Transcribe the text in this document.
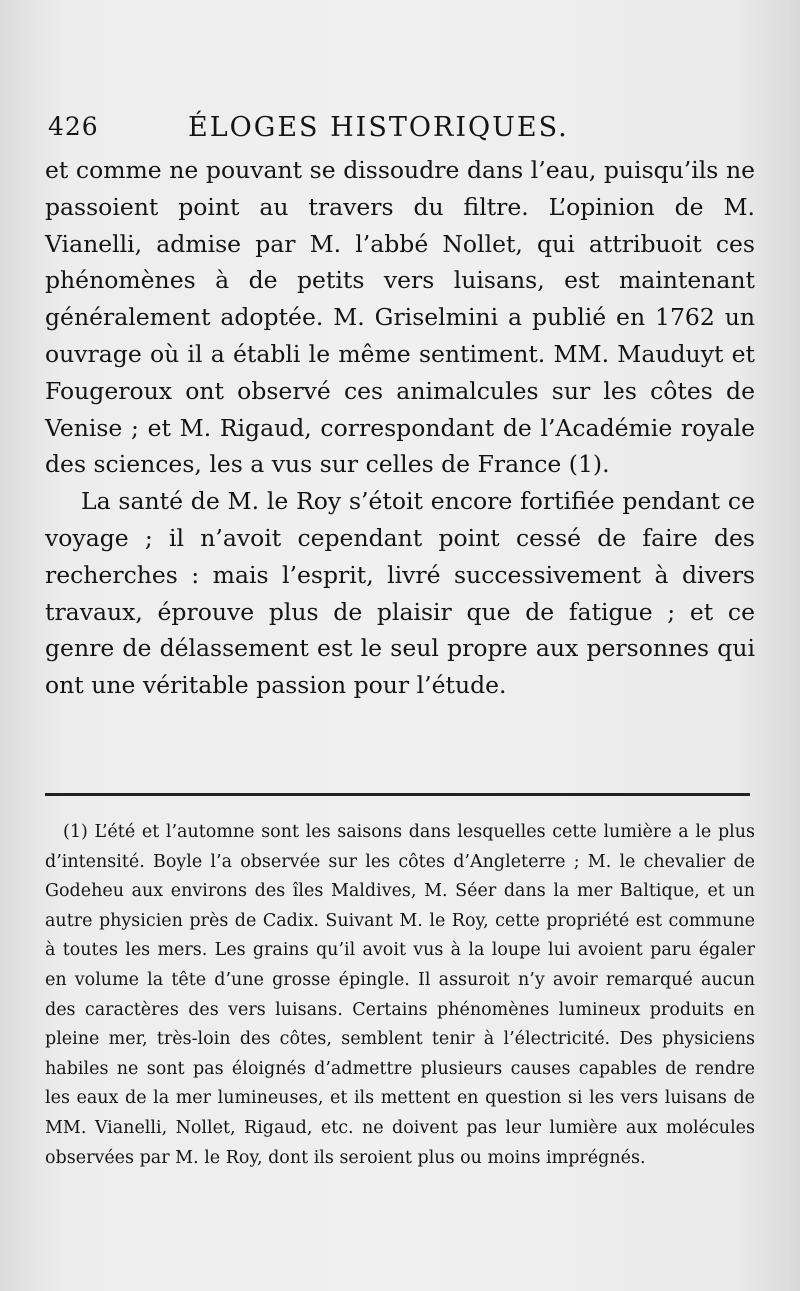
426	ÉLOGES HISTORIQUES.

et comme ne pouvant se dissoudre dans l’eau, puisqu’ils ne passoient point au travers du filtre. L’opinion de M. Vianelli, admise par M. l’abbé Nollet, qui attribuoit ces phénomènes à de petits vers luisans, est maintenant généralement adoptée. M. Griselmini a publié en 1762 un ouvrage où il a établi le même sentiment. MM. Mauduyt et Fougeroux ont observé ces animalcules sur les côtes de Venise ; et M. Rigaud, correspondant de l’Académie royale des sciences, les a vus sur celles de France (1).

La santé de M. le Roy s’étoit encore fortifiée pendant ce voyage ; il n’avoit cependant point cessé de faire des recherches : mais l’esprit, livré successivement à divers travaux, éprouve plus de plaisir que de fatigue ; et ce genre de délassement est le seul propre aux personnes qui ont une véritable passion pour l’étude.

(1) L’été et l’automne sont les saisons dans lesquelles cette lumière a le plus d’intensité. Boyle l’a observée sur les côtes d’Angleterre ; M. le chevalier de Godeheu aux environs des îles Maldives, M. Séer dans la mer Baltique, et un autre physicien près de Cadix. Suivant M. le Roy, cette propriété est commune à toutes les mers. Les grains qu’il avoit vus à la loupe lui avoient paru égaler en volume la tête d’une grosse épingle. Il assuroit n’y avoir remarqué aucun des caractères des vers luisans. Certains phénomènes lumineux produits en pleine mer, très-loin des côtes, semblent tenir à l’électricité. Des physiciens habiles ne sont pas éloignés d’admettre plusieurs causes capables de rendre les eaux de la mer lumineuses, et ils mettent en question si les vers luisans de MM. Vianelli, Nollet, Rigaud, etc. ne doivent pas leur lumière aux molécules observées par M. le Roy, dont ils seroient plus ou moins imprégnés.
